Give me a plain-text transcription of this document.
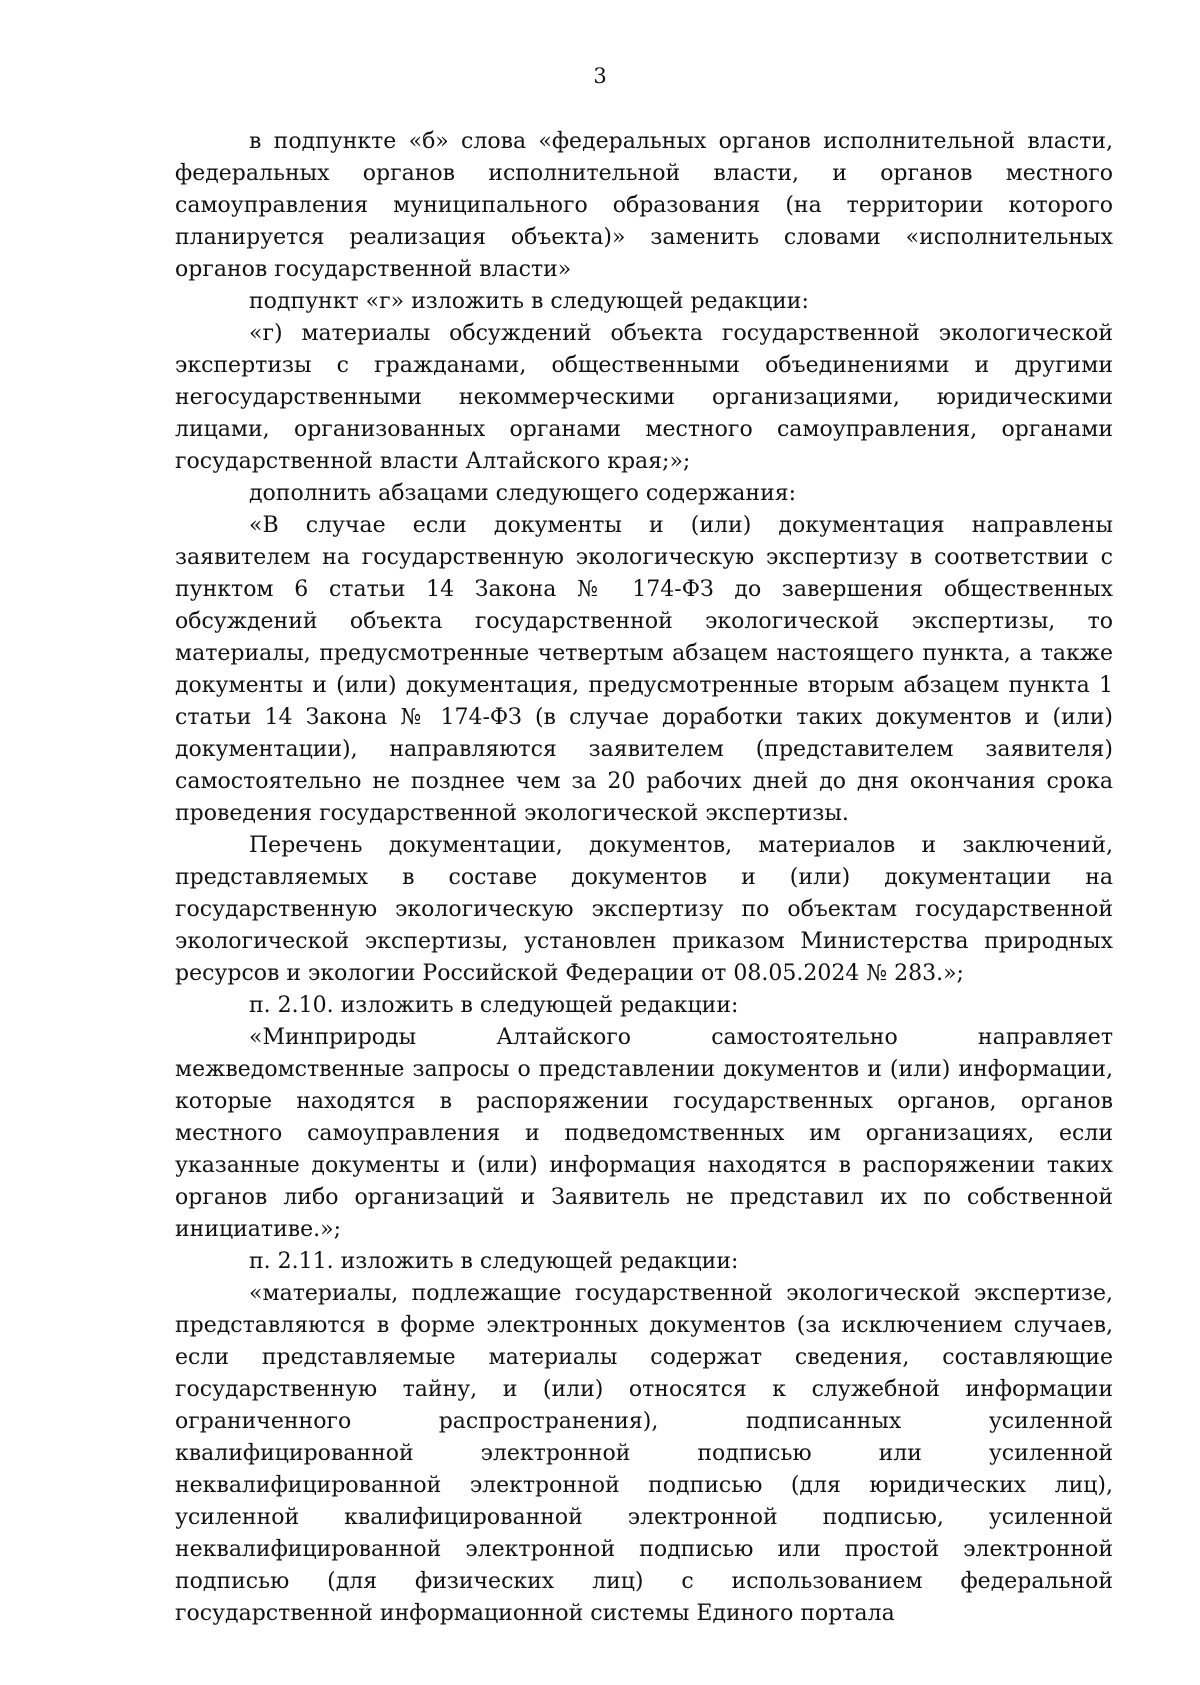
3

в подпункте «б» слова «федеральных органов исполнительной власти, федеральных органов исполнительной власти, и органов местного самоуправления муниципального образования (на территории которого планируется реализация объекта)» заменить словами «исполнительных органов государственной власти»

подпункт «г» изложить в следующей редакции:

«г) материалы обсуждений объекта государственной экологической экспертизы с гражданами, общественными объединениями и другими негосударственными некоммерческими организациями, юридическими лицами, организованных органами местного самоуправления, органами государственной власти Алтайского края;»;

дополнить абзацами следующего содержания:

«В случае если документы и (или) документация направлены заявителем на государственную экологическую экспертизу в соответствии с пунктом 6 статьи 14 Закона № 174-ФЗ до завершения общественных обсуждений объекта государственной экологической экспертизы, то материалы, предусмотренные четвертым абзацем настоящего пункта, а также документы и (или) документация, предусмотренные вторым абзацем пункта 1 статьи 14 Закона № 174-ФЗ (в случае доработки таких документов и (или) документации), направляются заявителем (представителем заявителя) самостоятельно не позднее чем за 20 рабочих дней до дня окончания срока проведения государственной экологической экспертизы.

Перечень документации, документов, материалов и заключений, представляемых в составе документов и (или) документации на государственную экологическую экспертизу по объектам государственной экологической экспертизы, установлен приказом Министерства природных ресурсов и экологии Российской Федерации от 08.05.2024 № 283.»;

п. 2.10. изложить в следующей редакции:

«Минприроды Алтайского самостоятельно направляет межведомственные запросы о представлении документов и (или) информации, которые находятся в распоряжении государственных органов, органов местного самоуправления и подведомственных им организациях, если указанные документы и (или) информация находятся в распоряжении таких органов либо организаций и Заявитель не представил их по собственной инициативе.»;

п. 2.11. изложить в следующей редакции:

«материалы, подлежащие государственной экологической экспертизе, представляются в форме электронных документов (за исключением случаев, если представляемые материалы содержат сведения, составляющие государственную тайну, и (или) относятся к служебной информации ограниченного распространения), подписанных усиленной квалифицированной электронной подписью или усиленной неквалифицированной электронной подписью (для юридических лиц), усиленной квалифицированной электронной подписью, усиленной неквалифицированной электронной подписью или простой электронной подписью (для физических лиц) с использованием федеральной государственной информационной системы Единого портала
